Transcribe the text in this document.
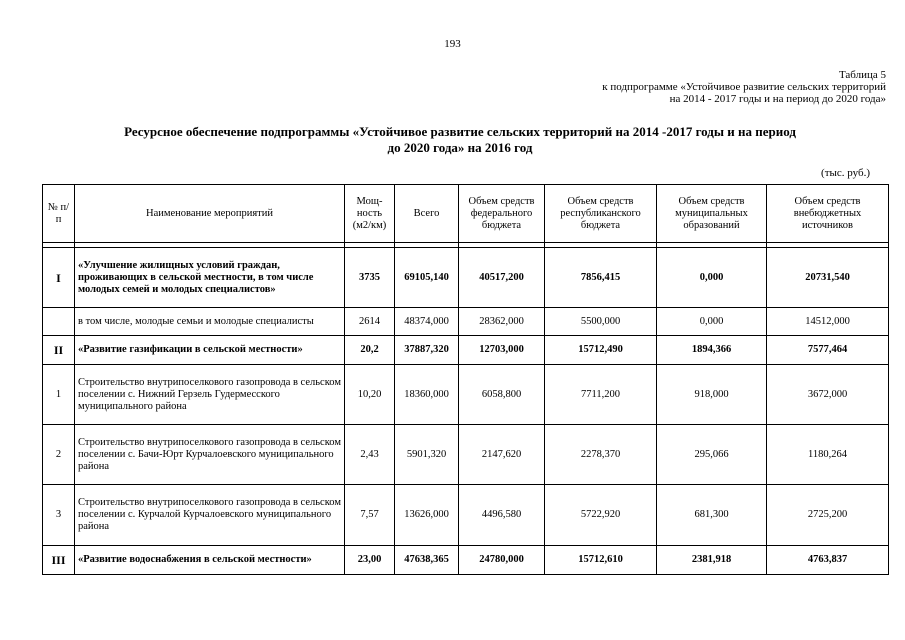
193
Таблица 5
к подпрограмме «Устойчивое развитие сельских территорий
на 2014 - 2017 годы и на период до 2020 года»
Ресурсное обеспечение подпрограммы «Устойчивое развитие сельских территорий на 2014 -2017 годы и на период
до 2020 года» на 2016 год
(тыс. руб.)
№ п/п	Наименование мероприятий	Мощ-ность (м2/км)	Всего	Объем средств федерального бюджета	Объем средств республиканского бюджета	Объем средств муниципальных образований	Объем средств внебюджетных источников

I	«Улучшение жилищных условий граждан, проживающих в сельской местности, в том числе молодых семей и молодых специалистов»	3735	69105,140	40517,200	7856,415	0,000	20731,540
	в том числе, молодые семьи и молодые специалисты	2614	48374,000	28362,000	5500,000	0,000	14512,000
II	«Развитие газификации в сельской местности»	20,2	37887,320	12703,000	15712,490	1894,366	7577,464
1	Строительство внутрипоселкового газопровода в сельском поселении с. Нижний Герзель Гудермесского муниципального района	10,20	18360,000	6058,800	7711,200	918,000	3672,000
2	Строительство внутрипоселкового газопровода в сельском поселении с. Бачи-Юрт Курчалоевского муниципального района	2,43	5901,320	2147,620	2278,370	295,066	1180,264
3	Строительство внутрипоселкового газопровода в сельском поселении с. Курчалой Курчалоевского муниципального района	7,57	13626,000	4496,580	5722,920	681,300	2725,200
III	«Развитие водоснабжения в сельской местности»	23,00	47638,365	24780,000	15712,610	2381,918	4763,837
